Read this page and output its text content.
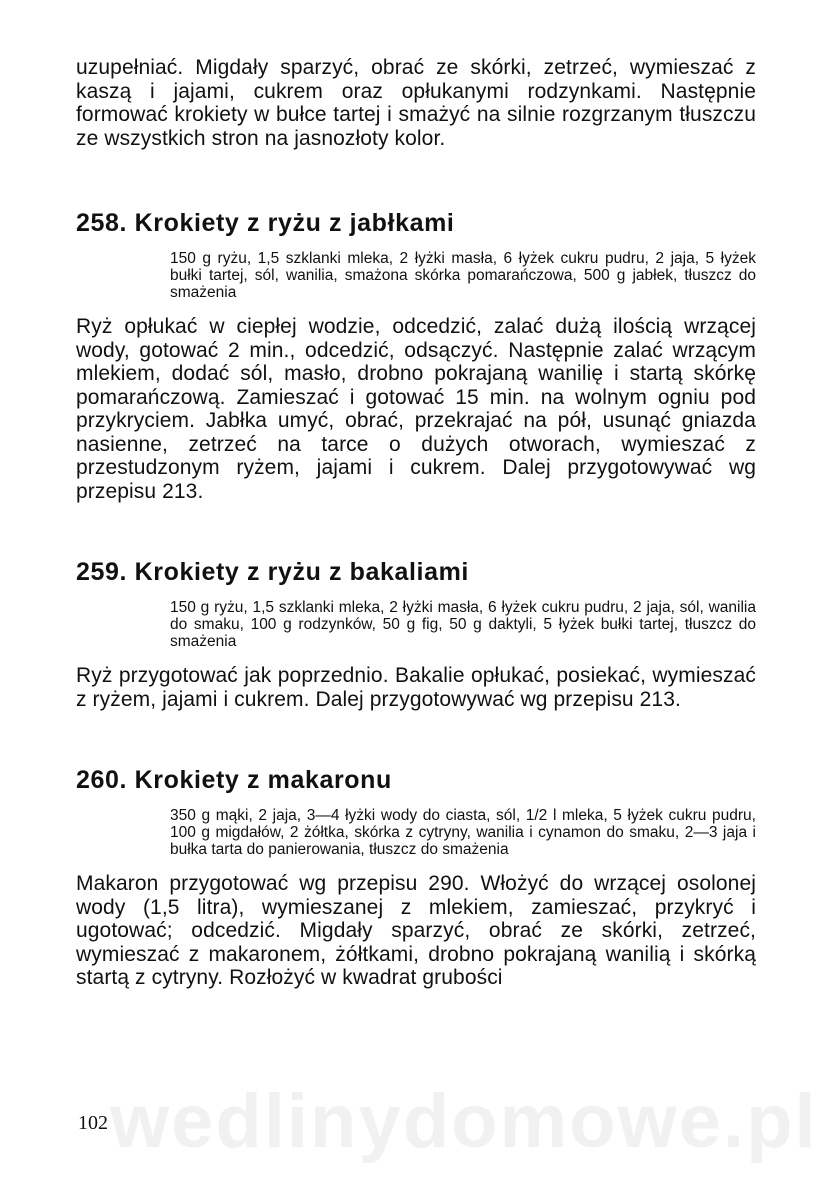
wedlinydomowe.pl

uzupełniać. Migdały sparzyć, obrać ze skórki, zetrzeć, wymieszać z kaszą i jajami, cukrem oraz opłukanymi rodzynkami. Następnie formować krokiety w bułce tartej i smażyć na silnie rozgrzanym tłuszczu ze wszystkich stron na jasnozłoty kolor.

258. Krokiety z ryżu z jabłkami

150 g ryżu, 1,5 szklanki mleka, 2 łyżki masła, 6 łyżek cukru pudru, 2 jaja, 5 łyżek bułki tartej, sól, wanilia, smażona skórka pomarańczowa, 500 g jabłek, tłuszcz do smażenia

Ryż opłukać w ciepłej wodzie, odcedzić, zalać dużą ilością wrzącej wody, gotować 2 min., odcedzić, odsączyć. Następnie zalać wrzącym mlekiem, dodać sól, masło, drobno pokrajaną wanilię i startą skórkę pomarańczową. Zamieszać i gotować 15 min. na wolnym ogniu pod przykryciem. Jabłka umyć, obrać, przekrajać na pół, usunąć gniazda nasienne, zetrzeć na tarce o dużych otworach, wymieszać z przestudzonym ryżem, jajami i cukrem. Dalej przygotowywać wg przepisu 213.

259. Krokiety z ryżu z bakaliami

150 g ryżu, 1,5 szklanki mleka, 2 łyżki masła, 6 łyżek cukru pudru, 2 jaja, sól, wanilia do smaku, 100 g rodzynków, 50 g fig, 50 g daktyli, 5 łyżek bułki tartej, tłuszcz do smażenia

Ryż przygotować jak poprzednio. Bakalie opłukać, posiekać, wymieszać z ryżem, jajami i cukrem. Dalej przygotowywać wg przepisu 213.

260. Krokiety z makaronu

350 g mąki, 2 jaja, 3—4 łyżki wody do ciasta, sól, 1/2 l mleka, 5 łyżek cukru pudru, 100 g migdałów, 2 żółtka, skórka z cytryny, wanilia i cynamon do smaku, 2—3 jaja i bułka tarta do panierowania, tłuszcz do smażenia

Makaron przygotować wg przepisu 290. Włożyć do wrzącej osolonej wody (1,5 litra), wymieszanej z mlekiem, zamieszać, przykryć i ugotować; odcedzić. Migdały sparzyć, obrać ze skórki, zetrzeć, wymieszać z makaronem, żółtkami, drobno pokrajaną wanilią i skórką startą z cytryny. Rozłożyć w kwadrat grubości

102
